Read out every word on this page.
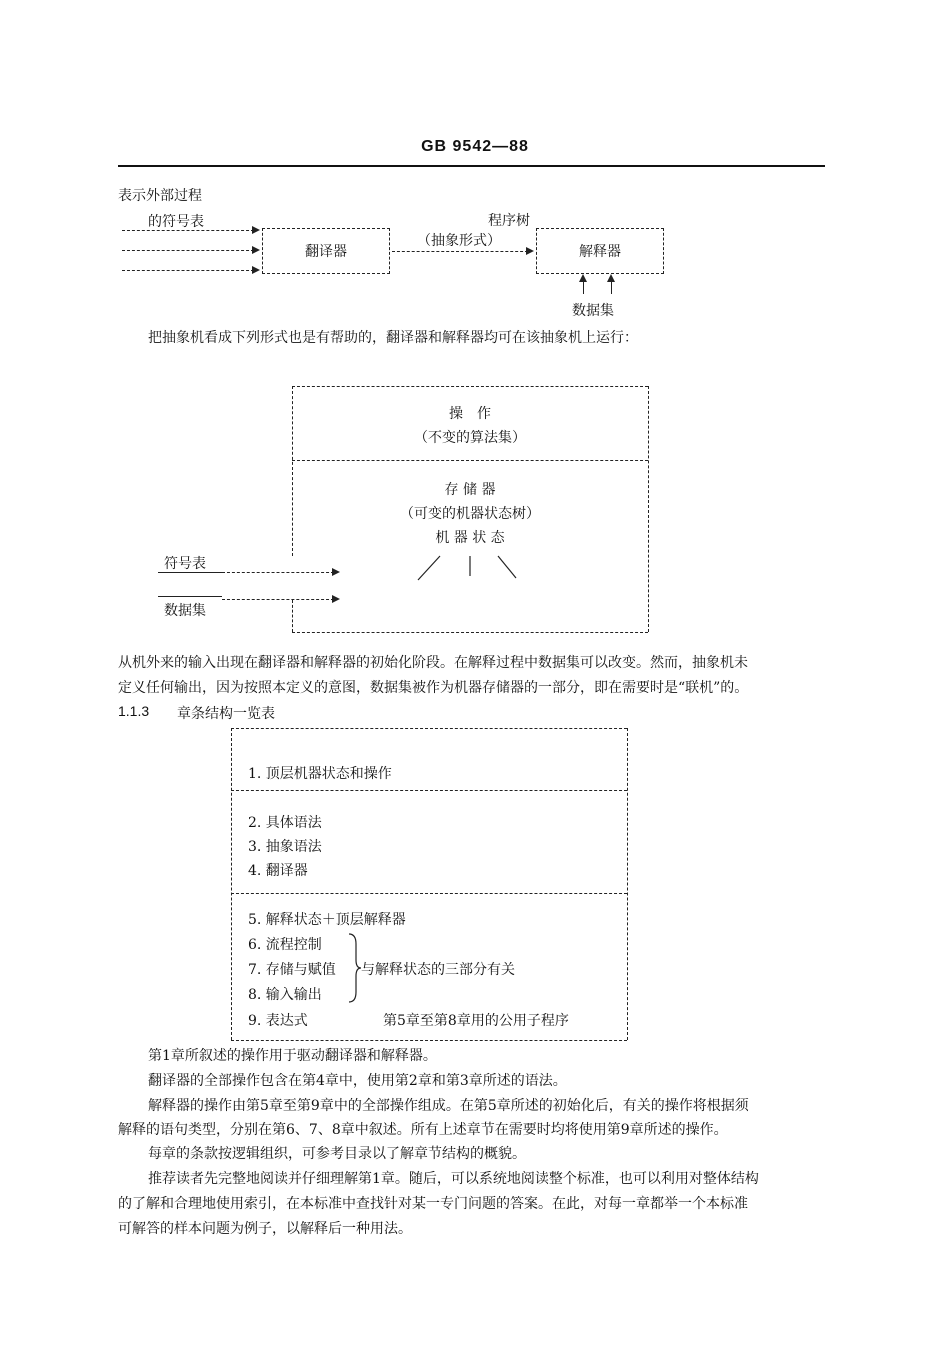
GB 9542—88
表示外部过程
的符号表
翻译器
程序树
（抽象形式）
解释器
数据集
把抽象机看成下列形式也是有帮助的，翻译器和解释器均可在该抽象机上运行：
操　作
（不变的算法集）
存 储 器
（可变的机器状态树）
机 器 状 态
符号表
数据集
从机外来的输入出现在翻译器和解释器的初始化阶段。在解释过程中数据集可以改变。然而，抽象机未
定义任何输出，因为按照本定义的意图，数据集被作为机器存储器的一部分，即在需要时是“联机”的。
1.1.3 章条结构一览表
1. 顶层机器状态和操作
2. 具体语法
3. 抽象语法
4. 翻译器
5. 解释状态＋顶层解释器
6. 流程控制
7. 存储与赋值
8. 输入输出
与解释状态的三部分有关
9. 表达式	第5章至第8章用的公用子程序
第1章所叙述的操作用于驱动翻译器和解释器。
翻译器的全部操作包含在第4章中，使用第2章和第3章所述的语法。
解释器的操作由第5章至第9章中的全部操作组成。在第5章所述的初始化后，有关的操作将根据须
解释的语句类型，分别在第6、7、8章中叙述。所有上述章节在需要时均将使用第9章所述的操作。
每章的条款按逻辑组织，可参考目录以了解章节结构的概貌。
推荐读者先完整地阅读并仔细理解第1章。随后，可以系统地阅读整个标准，也可以利用对整体结构
的了解和合理地使用索引，在本标准中查找针对某一专门问题的答案。在此，对每一章都举一个本标准
可解答的样本问题为例子，以解释后一种用法。
